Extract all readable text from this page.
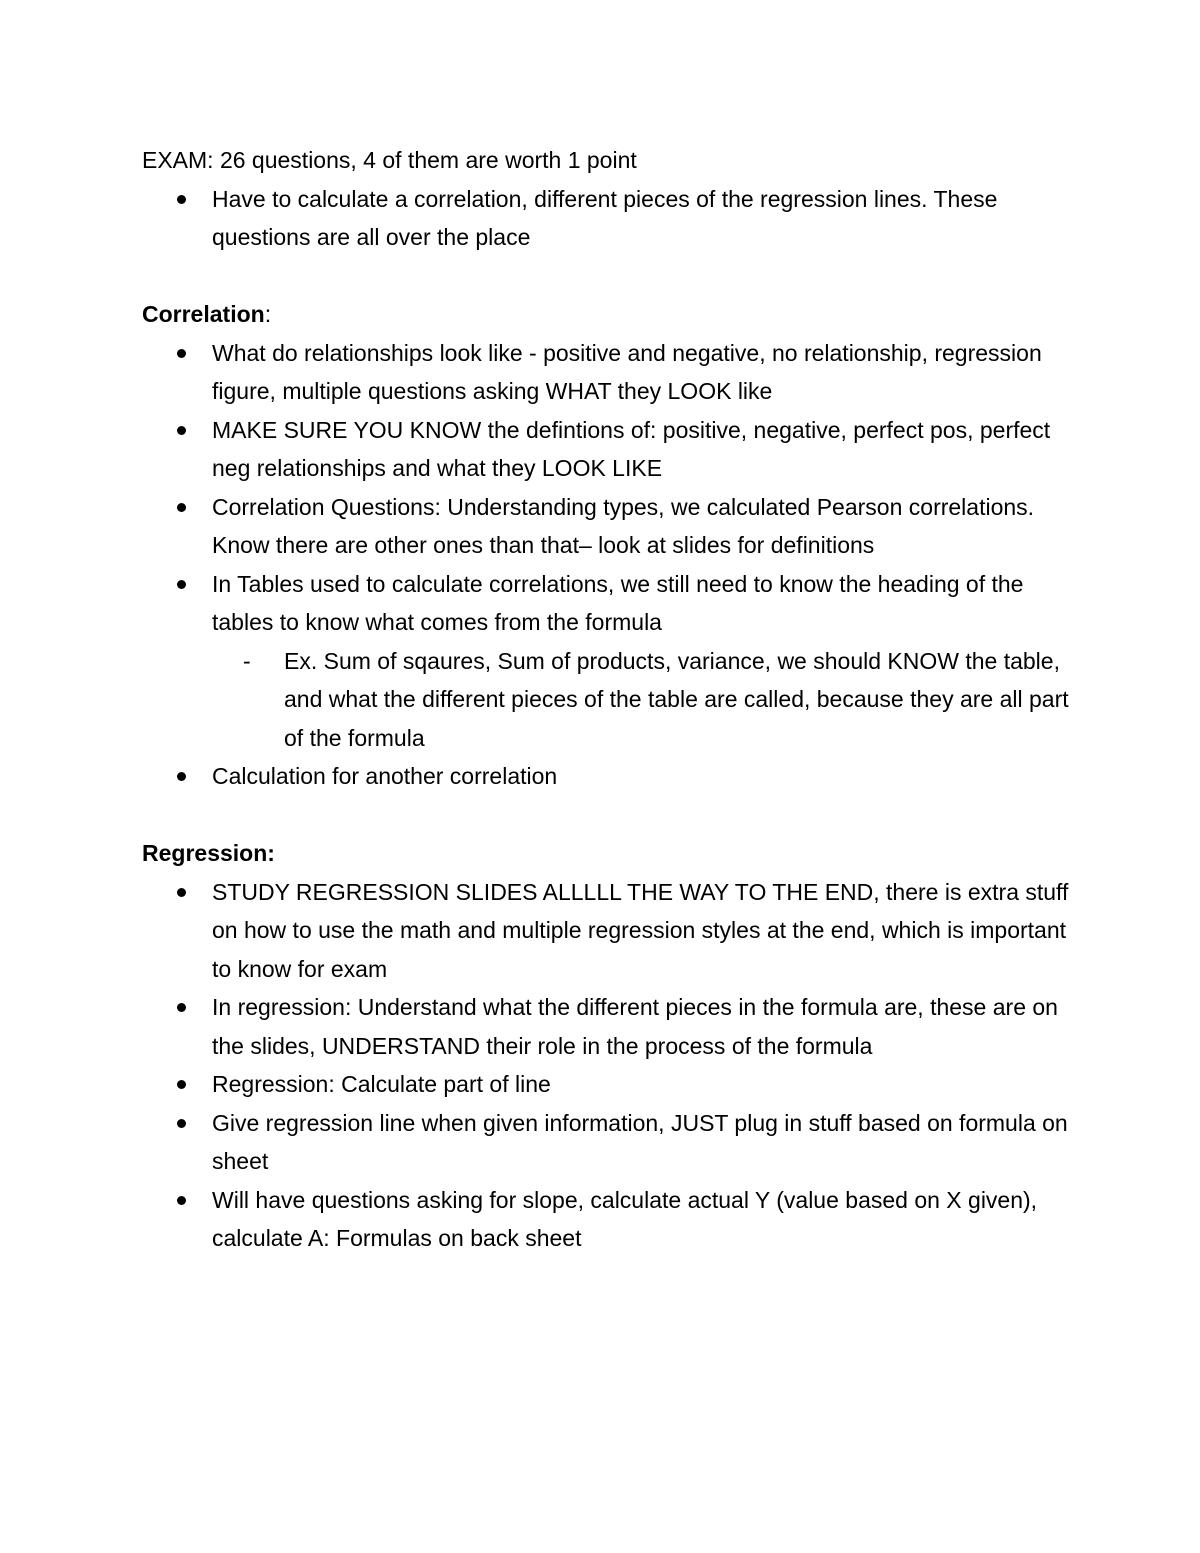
EXAM: 26 questions, 4 of them are worth 1 point

Have to calculate a correlation, different pieces of the regression lines. These questions are all over the place

Correlation:

What do relationships look like - positive and negative, no relationship, regression figure, multiple questions asking WHAT they LOOK like
MAKE SURE YOU KNOW the defintions of: positive, negative, perfect pos, perfect neg relationships and what they LOOK LIKE
Correlation Questions: Understanding types, we calculated Pearson correlations. Know there are other ones than that– look at slides for definitions
In Tables used to calculate correlations, we still need to know the heading of the tables to know what comes from the formula
- Ex. Sum of sqaures, Sum of products, variance, we should KNOW the table, and what the different pieces of the table are called, because they are all part of the formula
Calculation for another correlation

Regression:

STUDY REGRESSION SLIDES ALLLLL THE WAY TO THE END, there is extra stuff on how to use the math and multiple regression styles at the end, which is important to know for exam
In regression: Understand what the different pieces in the formula are, these are on the slides, UNDERSTAND their role in the process of the formula
Regression: Calculate part of line
Give regression line when given information, JUST plug in stuff based on formula on sheet
Will have questions asking for slope, calculate actual Y (value based on X given), calculate A: Formulas on back sheet
